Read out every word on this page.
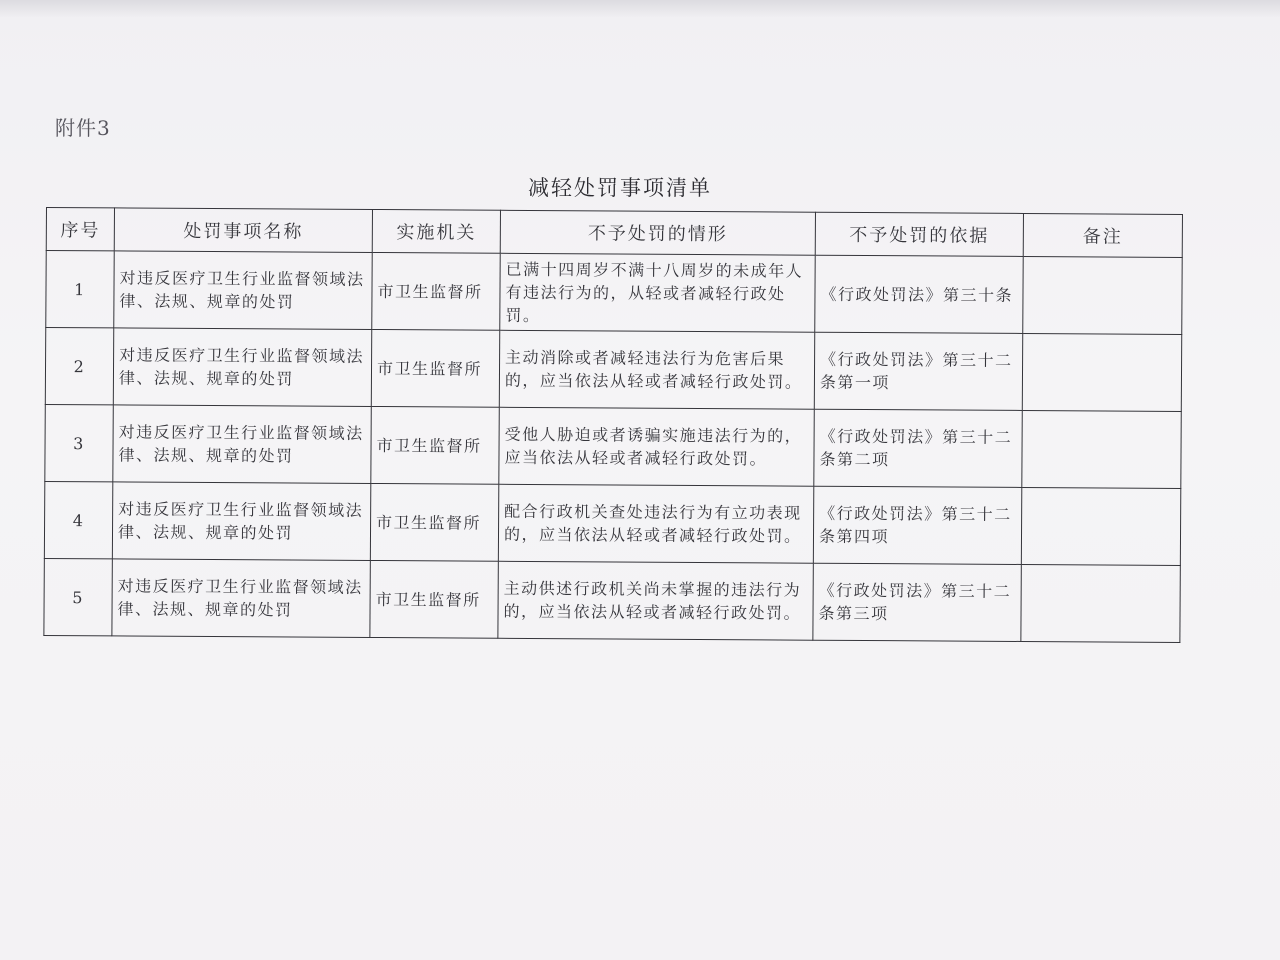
附件3
减轻处罚事项清单
序号	处罚事项名称	实施机关	不予处罚的情形	不予处罚的依据	备注
1	对违反医疗卫生行业监督领域法律、法规、规章的处罚	市卫生监督所	已满十四周岁不满十八周岁的未成年人有违法行为的，从轻或者减轻行政处罚。	《行政处罚法》第三十条	
2	对违反医疗卫生行业监督领域法律、法规、规章的处罚	市卫生监督所	主动消除或者减轻违法行为危害后果的，应当依法从轻或者减轻行政处罚。	《行政处罚法》第三十二条第一项	
3	对违反医疗卫生行业监督领域法律、法规、规章的处罚	市卫生监督所	受他人胁迫或者诱骗实施违法行为的，应当依法从轻或者减轻行政处罚。	《行政处罚法》第三十二条第二项	
4	对违反医疗卫生行业监督领域法律、法规、规章的处罚	市卫生监督所	配合行政机关查处违法行为有立功表现的，应当依法从轻或者减轻行政处罚。	《行政处罚法》第三十二条第四项	
5	对违反医疗卫生行业监督领域法律、法规、规章的处罚	市卫生监督所	主动供述行政机关尚未掌握的违法行为的，应当依法从轻或者减轻行政处罚。	《行政处罚法》第三十二条第三项	
